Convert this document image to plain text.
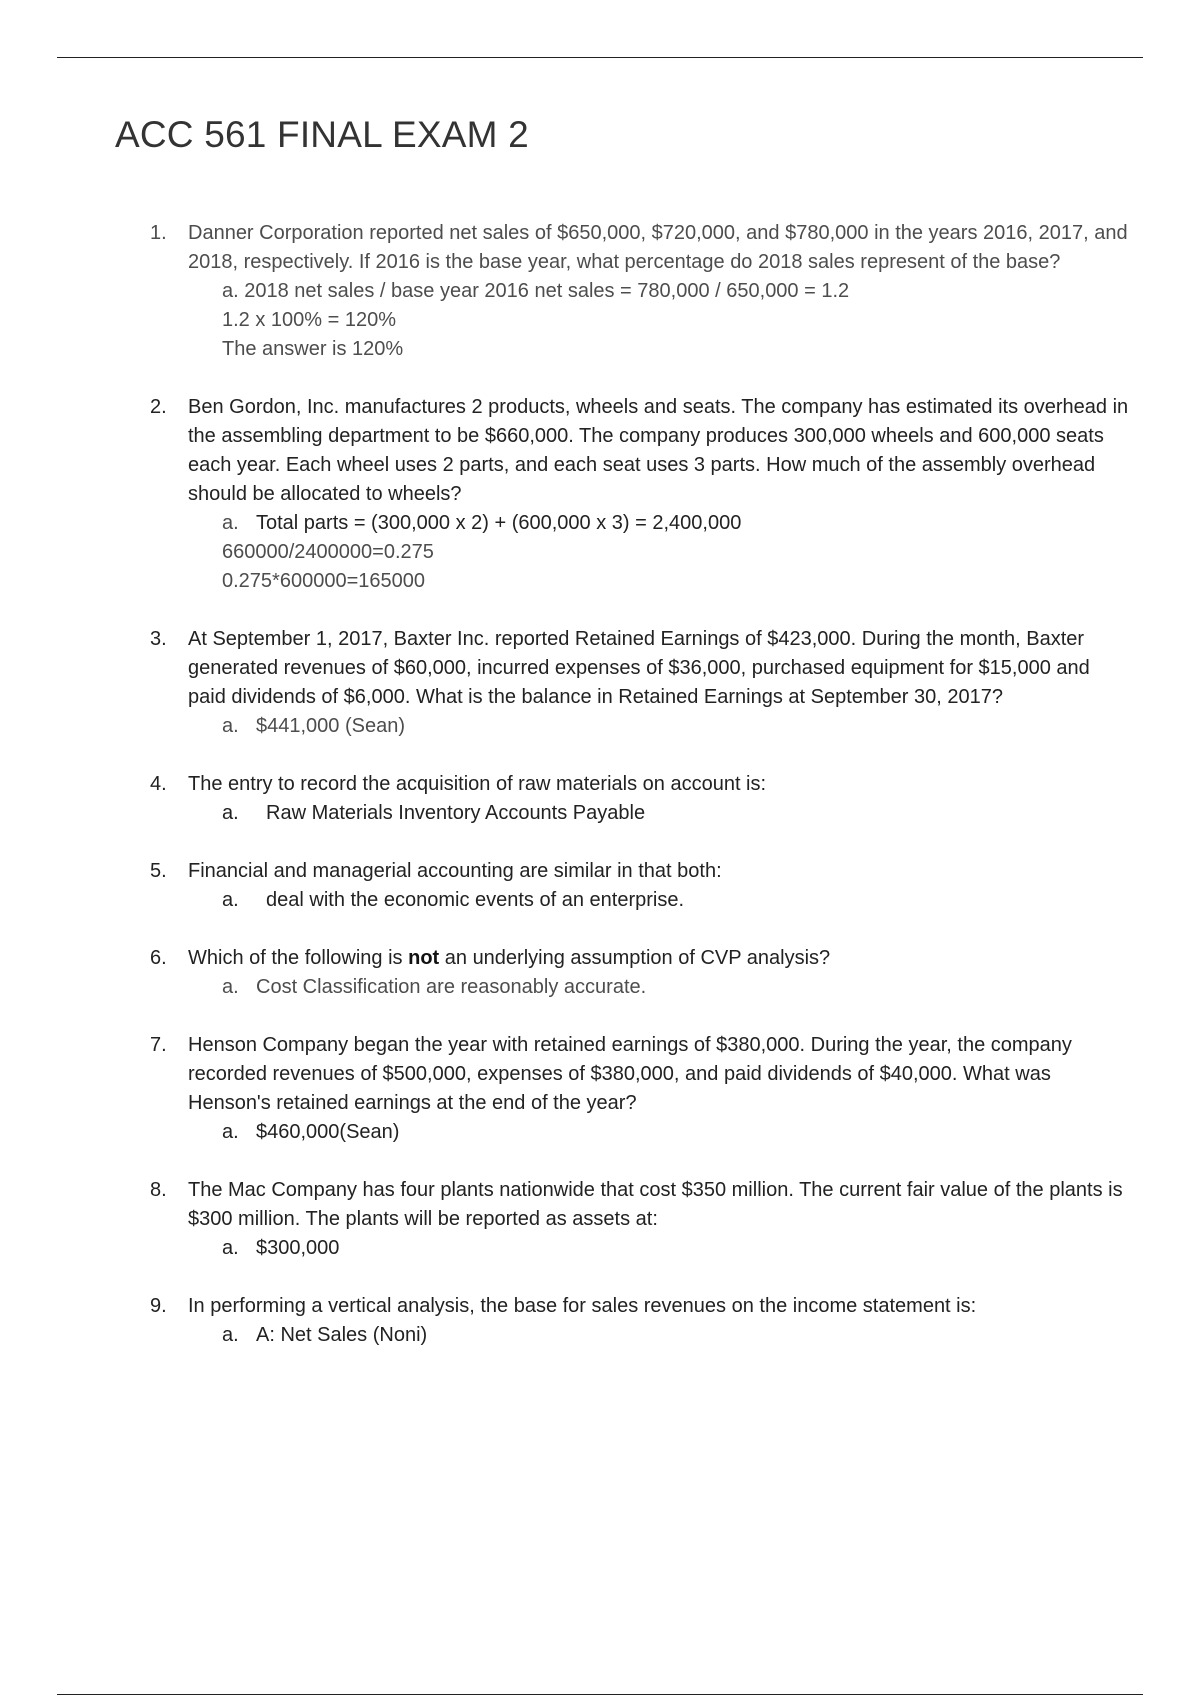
ACC 561 FINAL EXAM 2
1. Danner Corporation reported net sales of $650,000, $720,000, and $780,000 in the years 2016, 2017, and 2018, respectively. If 2016 is the base year, what percentage do 2018 sales represent of the base?
a. 2018 net sales / base year 2016 net sales = 780,000 / 650,000 = 1.2
1.2 x 100% = 120%
The answer is 120%
2. Ben Gordon, Inc. manufactures 2 products, wheels and seats. The company has estimated its overhead in the assembling department to be $660,000. The company produces 300,000 wheels and 600,000 seats each year. Each wheel uses 2 parts, and each seat uses 3 parts. How much of the assembly overhead should be allocated to wheels?
a. Total parts = (300,000 x 2) + (600,000 x 3) = 2,400,000
660000/2400000=0.275
0.275*600000=165000
3. At September 1, 2017, Baxter Inc. reported Retained Earnings of $423,000. During the month, Baxter generated revenues of $60,000, incurred expenses of $36,000, purchased equipment for $15,000 and paid dividends of $6,000. What is the balance in Retained Earnings at September 30, 2017?
a. $441,000 (Sean)
4. The entry to record the acquisition of raw materials on account is:
a. Raw Materials Inventory Accounts Payable
5. Financial and managerial accounting are similar in that both:
a. deal with the economic events of an enterprise.
6. Which of the following is not an underlying assumption of CVP analysis?
a. Cost Classification are reasonably accurate.
7. Henson Company began the year with retained earnings of $380,000. During the year, the company recorded revenues of $500,000, expenses of $380,000, and paid dividends of $40,000. What was Henson's retained earnings at the end of the year?
a. $460,000(Sean)
8. The Mac Company has four plants nationwide that cost $350 million. The current fair value of the plants is $300 million. The plants will be reported as assets at:
a. $300,000
9. In performing a vertical analysis, the base for sales revenues on the income statement is:
a. A: Net Sales (Noni)
